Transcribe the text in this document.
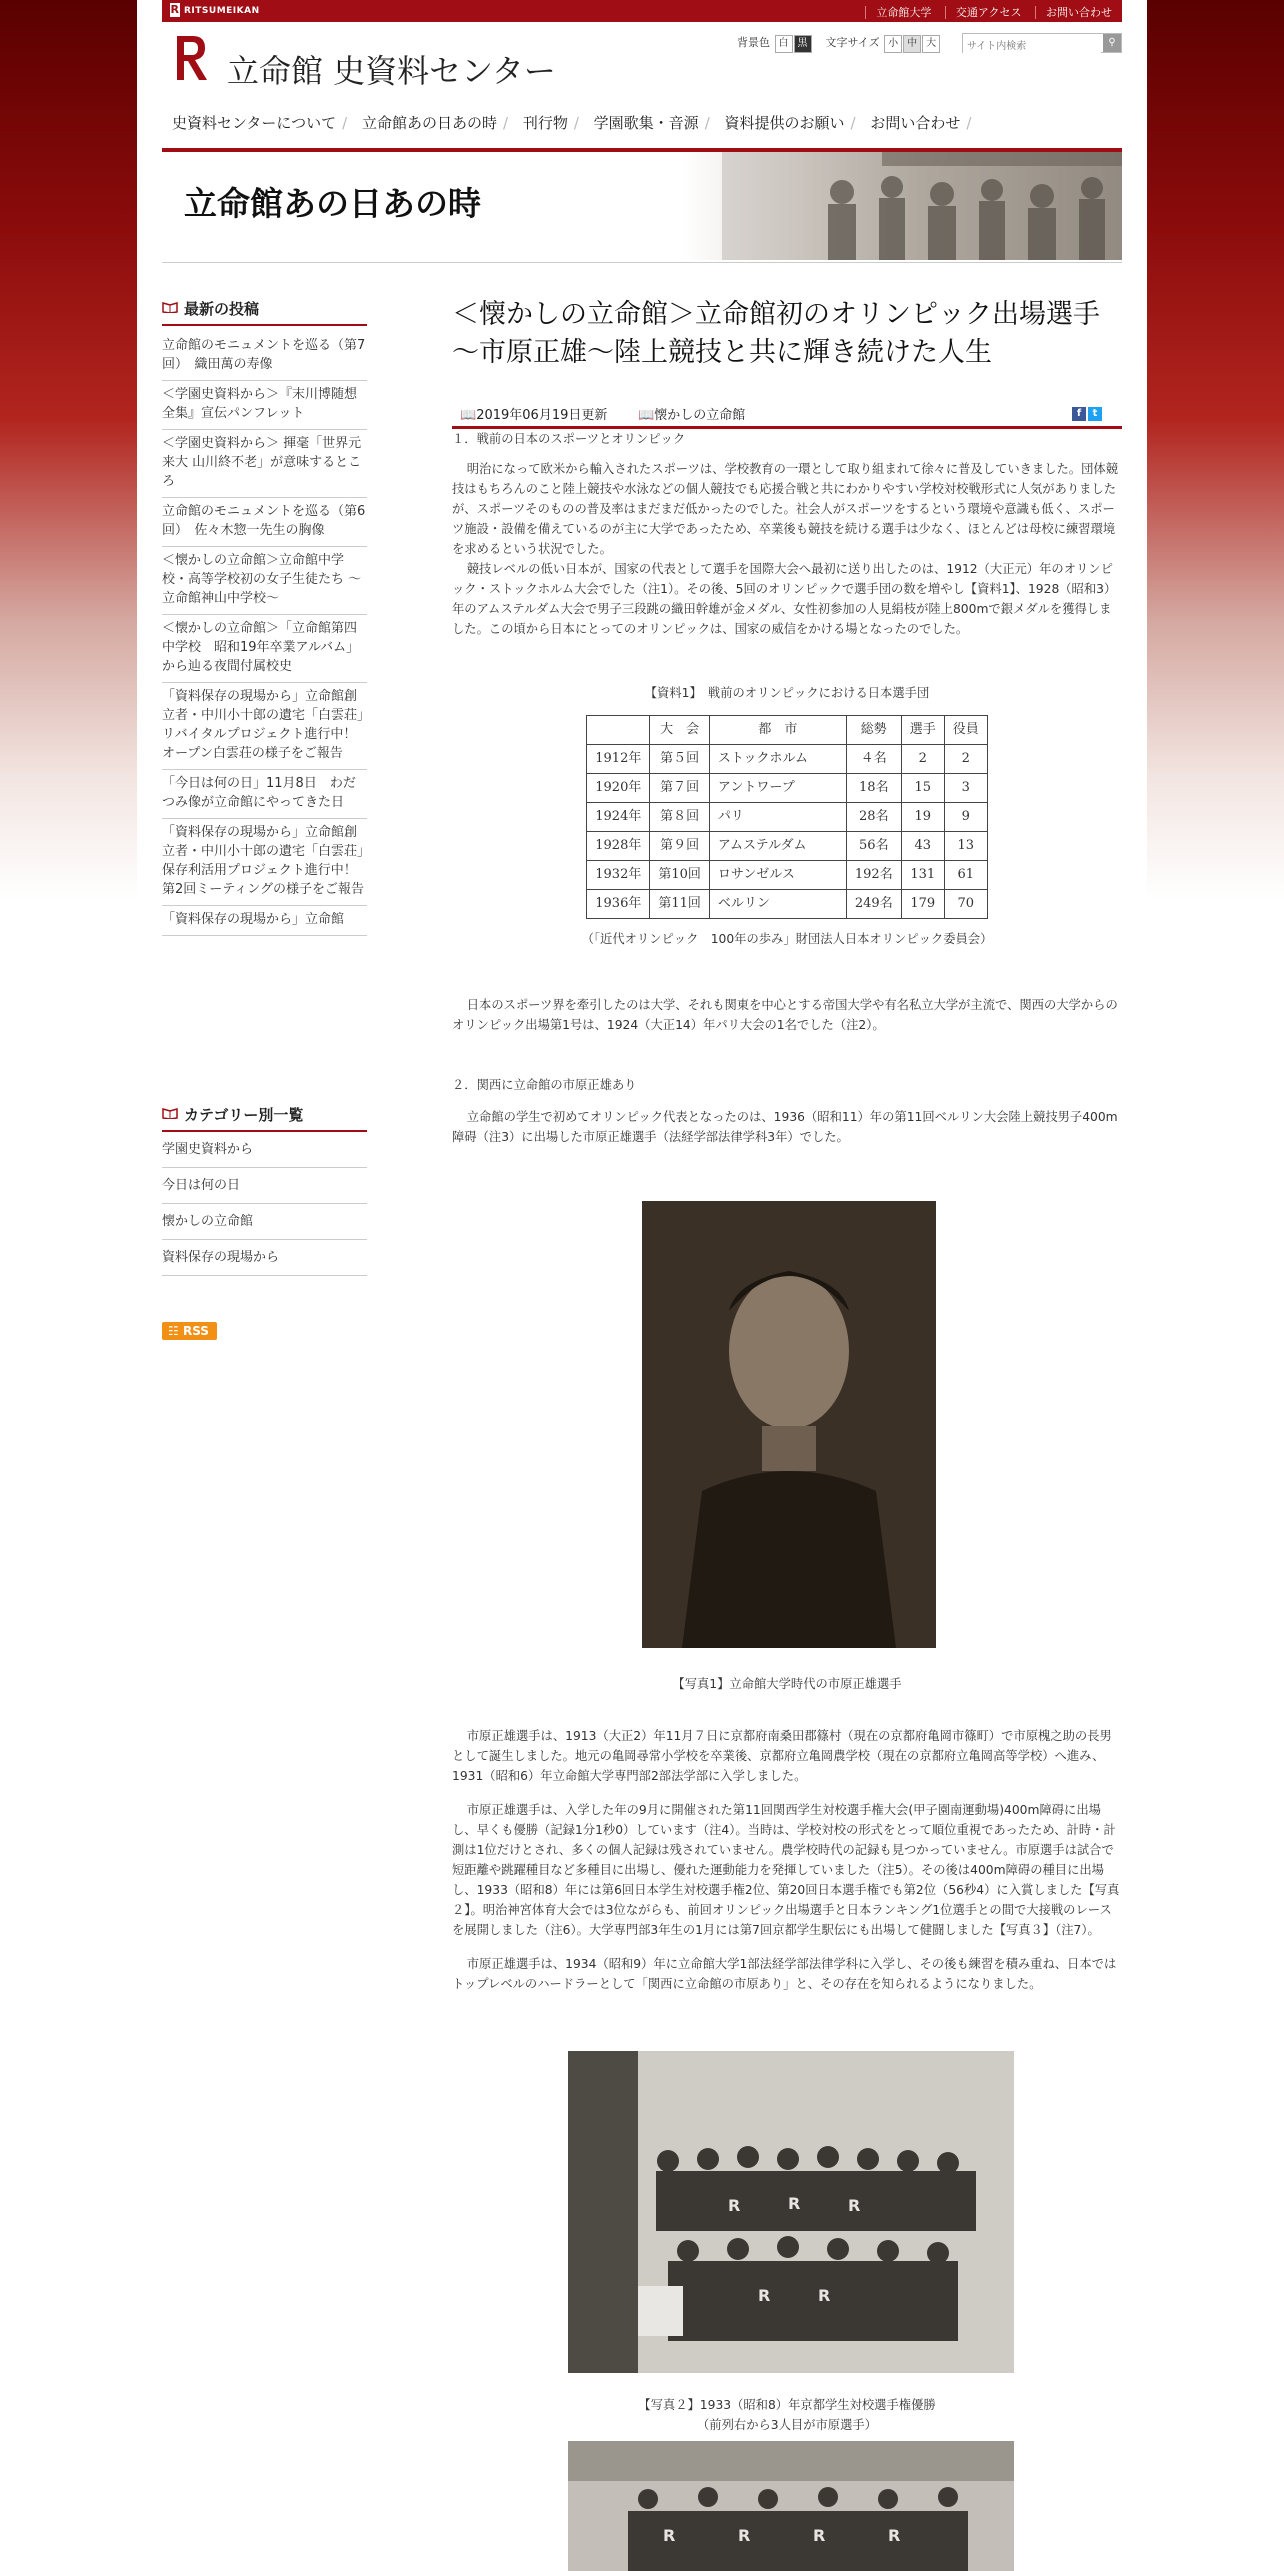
R RITSUMEIKAN	立命館大学 交通アクセス お問い合わせ
立命館 史資料センター
背景色 白 黒 文字サイズ 小 中 大
サイト内検索	⚲
史資料センターについて / 立命館あの日あの時 / 刊行物 / 学園歌集・音源 / 資料提供のお願い / お問い合わせ /
立命館あの日あの時
最新の投稿
立命館のモニュメントを巡る（第7回）　織田萬の寿像
＜学園史資料から＞『末川博随想全集』宣伝パンフレット
＜学園史資料から＞ 揮毫「世界元来大 山川終不老」が意味するところ
立命館のモニュメントを巡る（第6回）　佐々木惣一先生の胸像
＜懐かしの立命館＞立命館中学校・高等学校初の女子生徒たち ～立命館神山中学校～
＜懐かしの立命館＞「立命館第四中学校　昭和19年卒業アルバム」から辿る夜間付属校史
「資料保存の現場から」立命館創立者・中川小十郎の遺宅「白雲荘」リバイタルプロジェクト進行中！オープン白雲荘の様子をご報告
「今日は何の日」11月8日　わだつみ像が立命館にやってきた日
「資料保存の現場から」立命館創立者・中川小十郎の遺宅「白雲荘」保存利活用プロジェクト進行中！第2回ミーティングの様子をご報告
「資料保存の現場から」立命館
カテゴリー別一覧
学園史資料から
今日は何の日
懐かしの立命館
資料保存の現場から
☷ RSS
＜懐かしの立命館＞立命館初のオリンピック出場選手～市原正雄～陸上競技と共に輝き続けた人生
📖2019年06月19日更新 📖懐かしの立命館	f t

１．戦前の日本のスポーツとオリンピック

明治になって欧米から輸入されたスポーツは、学校教育の一環として取り組まれて徐々に普及していきました。団体競技はもちろんのこと陸上競技や水泳などの個人競技でも応援合戦と共にわかりやすい学校対校戦形式に人気がありましたが、スポーツそのものの普及率はまだまだ低かったのでした。社会人がスポーツをするという環境や意識も低く、スポーツ施設・設備を備えているのが主に大学であったため、卒業後も競技を続ける選手は少なく、ほとんどは母校に練習環境を求めるという状況でした。

競技レベルの低い日本が、国家の代表として選手を国際大会へ最初に送り出したのは、1912（大正元）年のオリンピック・ストックホルム大会でした（注1）。その後、5回のオリンピックで選手団の数を増やし【資料1】、1928（昭和3）年のアムステルダム大会で男子三段跳の織田幹雄が金メダル、女性初参加の人見絹枝が陸上800mで銀メダルを獲得しました。この頃から日本にとってのオリンピックは、国家の威信をかける場となったのでした。

【資料1】　戦前のオリンピックにおける日本選手団

	大　会	都　市	総勢	選手	役員
1912年	第５回	ストックホルム	４名	2	2
1920年	第７回	アントワープ	18名	15	3
1924年	第８回	パリ	28名	19	9
1928年	第９回	アムステルダム	56名	43	13
1932年	第10回	ロサンゼルス	192名	131	61
1936年	第11回	ベルリン	249名	179	70

（「近代オリンピック　100年の歩み」財団法人日本オリンピック委員会）

日本のスポーツ界を牽引したのは大学、それも関東を中心とする帝国大学や有名私立大学が主流で、関西の大学からのオリンピック出場第1号は、1924（大正14）年パリ大会の1名でした（注2）。

２．関西に立命館の市原正雄あり

立命館の学生で初めてオリンピック代表となったのは、1936（昭和11）年の第11回ベルリン大会陸上競技男子400m障碍（注3）に出場した市原正雄選手（法経学部法律学科3年）でした。

【写真1】立命館大学時代の市原正雄選手

市原正雄選手は、1913（大正2）年11月７日に京都府南桑田郡篠村（現在の京都府亀岡市篠町）で市原槐之助の長男として誕生しました。地元の亀岡尋常小学校を卒業後、京都府立亀岡農学校（現在の京都府立亀岡高等学校）へ進み、1931（昭和6）年立命館大学専門部2部法学部に入学しました。

市原正雄選手は、入学した年の9月に開催された第11回関西学生対校選手権大会(甲子園南運動場)400m障碍に出場し、早くも優勝（記録1分1秒0）しています（注4）。当時は、学校対校の形式をとって順位重視であったため、計時・計測は1位だけとされ、多くの個人記録は残されていません。農学校時代の記録も見つかっていません。市原選手は試合で短距離や跳躍種目など多種目に出場し、優れた運動能力を発揮していました（注5）。その後は400m障碍の種目に出場し、1933（昭和8）年には第6回日本学生対校選手権2位、第20回日本選手権でも第2位（56秒4）に入賞しました【写真２】。明治神宮体育大会では3位ながらも、前回オリンピック出場選手と日本ランキング1位選手との間で大接戦のレースを展開しました（注6）。大学専門部3年生の1月には第7回京都学生駅伝にも出場して健闘しました【写真３】（注7）。

市原正雄選手は、1934（昭和9）年に立命館大学1部法経学部法律学科に入学し、その後も練習を積み重ね、日本ではトップレベルのハードラーとして「関西に立命館の市原あり」と、その存在を知られるようになりました。

R	R	R
R	R

【写真２】1933（昭和8）年京都学生対校選手権優勝

（前列右から3人目が市原選手）

R	R	R	R
